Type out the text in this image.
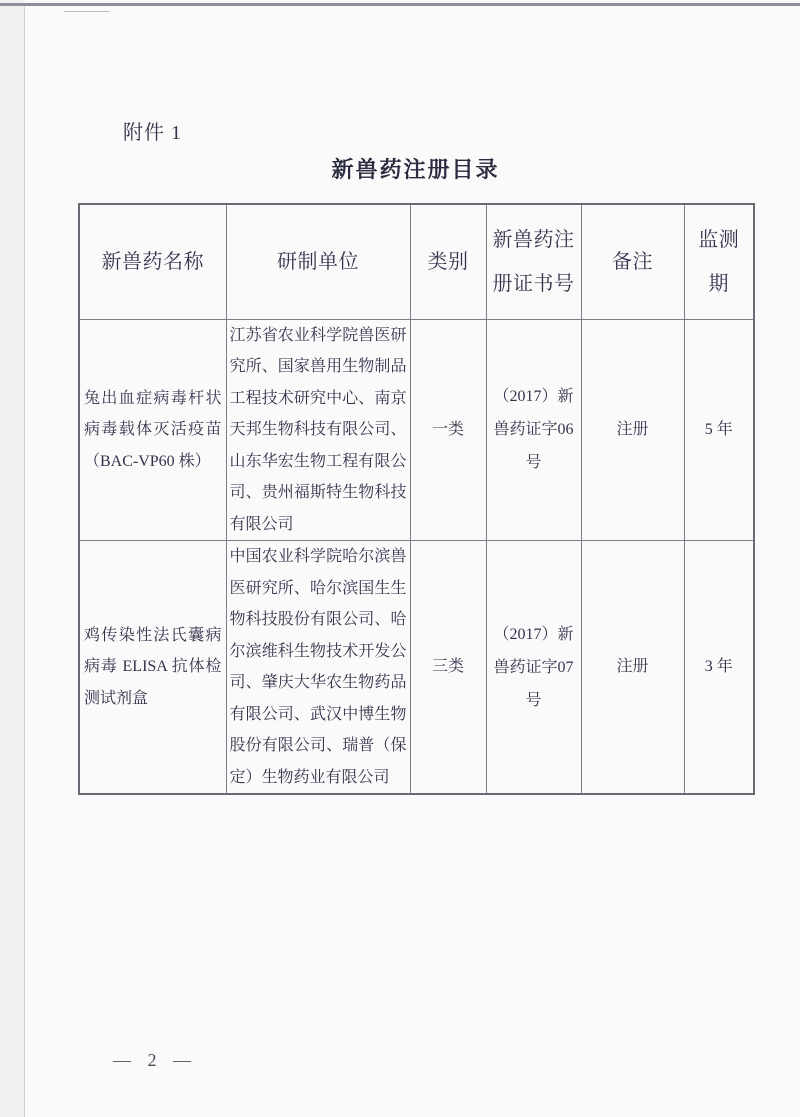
附件 1
新兽药注册目录
新兽药名称	研制单位	类别	新兽药注册证书号	备注	监测期
兔出血症病毒杆状病毒载体灭活疫苗（BAC-VP60 株）	江苏省农业科学院兽医研究所、国家兽用生物制品工程技术研究中心、南京天邦生物科技有限公司、山东华宏生物工程有限公司、贵州福斯特生物科技有限公司	一类	（2017）新兽药证字06号	注册	5 年
鸡传染性法氏囊病病毒 ELISA 抗体检测试剂盒	中国农业科学院哈尔滨兽医研究所、哈尔滨国生生物科技股份有限公司、哈尔滨维科生物技术开发公司、肇庆大华农生物药品有限公司、武汉中博生物股份有限公司、瑞普（保定）生物药业有限公司	三类	（2017）新兽药证字07号	注册	3 年
— 2 —
